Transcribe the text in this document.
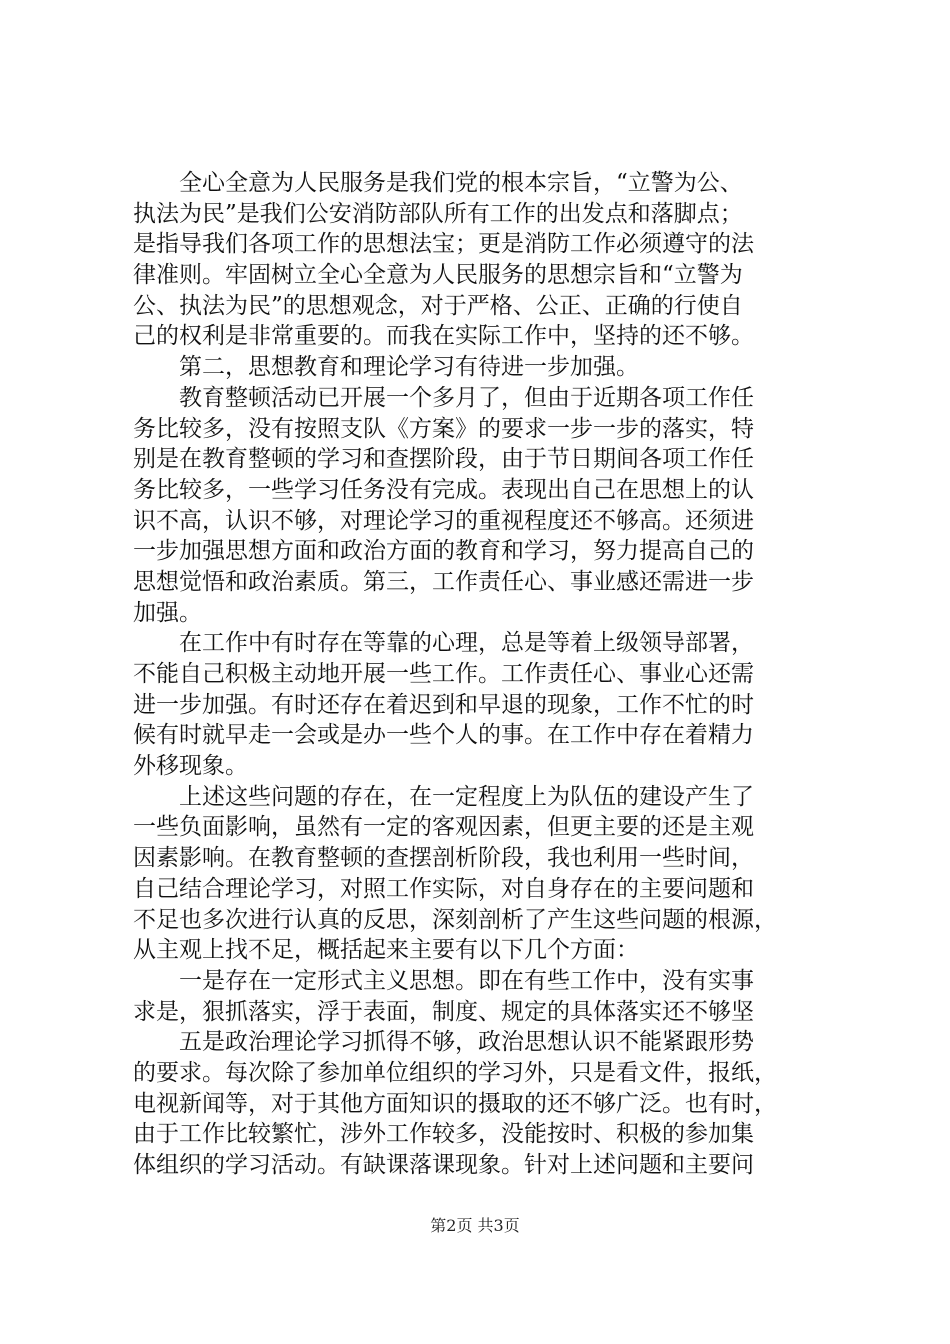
全心全意为人民服务是我们党的根本宗旨，“立警为公、
执法为民”是我们公安消防部队所有工作的出发点和落脚点；
是指导我们各项工作的思想法宝；更是消防工作必须遵守的法
律准则。牢固树立全心全意为人民服务的思想宗旨和“立警为
公、执法为民”的思想观念，对于严格、公正、正确的行使自
己的权利是非常重要的。而我在实际工作中，坚持的还不够。
第二，思想教育和理论学习有待进一步加强。
教育整顿活动已开展一个多月了，但由于近期各项工作任
务比较多，没有按照支队《方案》的要求一步一步的落实，特
别是在教育整顿的学习和查摆阶段，由于节日期间各项工作任
务比较多，一些学习任务没有完成。表现出自己在思想上的认
识不高，认识不够，对理论学习的重视程度还不够高。还须进
一步加强思想方面和政治方面的教育和学习，努力提高自己的
思想觉悟和政治素质。第三，工作责任心、事业感还需进一步
加强。
在工作中有时存在等靠的心理，总是等着上级领导部署，
不能自己积极主动地开展一些工作。工作责任心、事业心还需
进一步加强。有时还存在着迟到和早退的现象，工作不忙的时
候有时就早走一会或是办一些个人的事。在工作中存在着精力
外移现象。
上述这些问题的存在，在一定程度上为队伍的建设产生了
一些负面影响，虽然有一定的客观因素，但更主要的还是主观
因素影响。在教育整顿的查摆剖析阶段，我也利用一些时间，
自己结合理论学习，对照工作实际，对自身存在的主要问题和
不足也多次进行认真的反思，深刻剖析了产生这些问题的根源，
从主观上找不足，概括起来主要有以下几个方面：
一是存在一定形式主义思想。即在有些工作中，没有实事
求是，狠抓落实，浮于表面，制度、规定的具体落实还不够坚
五是政治理论学习抓得不够，政治思想认识不能紧跟形势
的要求。每次除了参加单位组织的学习外，只是看文件，报纸，
电视新闻等，对于其他方面知识的摄取的还不够广泛。也有时，
由于工作比较繁忙，涉外工作较多，没能按时、积极的参加集
体组织的学习活动。有缺课落课现象。针对上述问题和主要问
第2页 共3页
